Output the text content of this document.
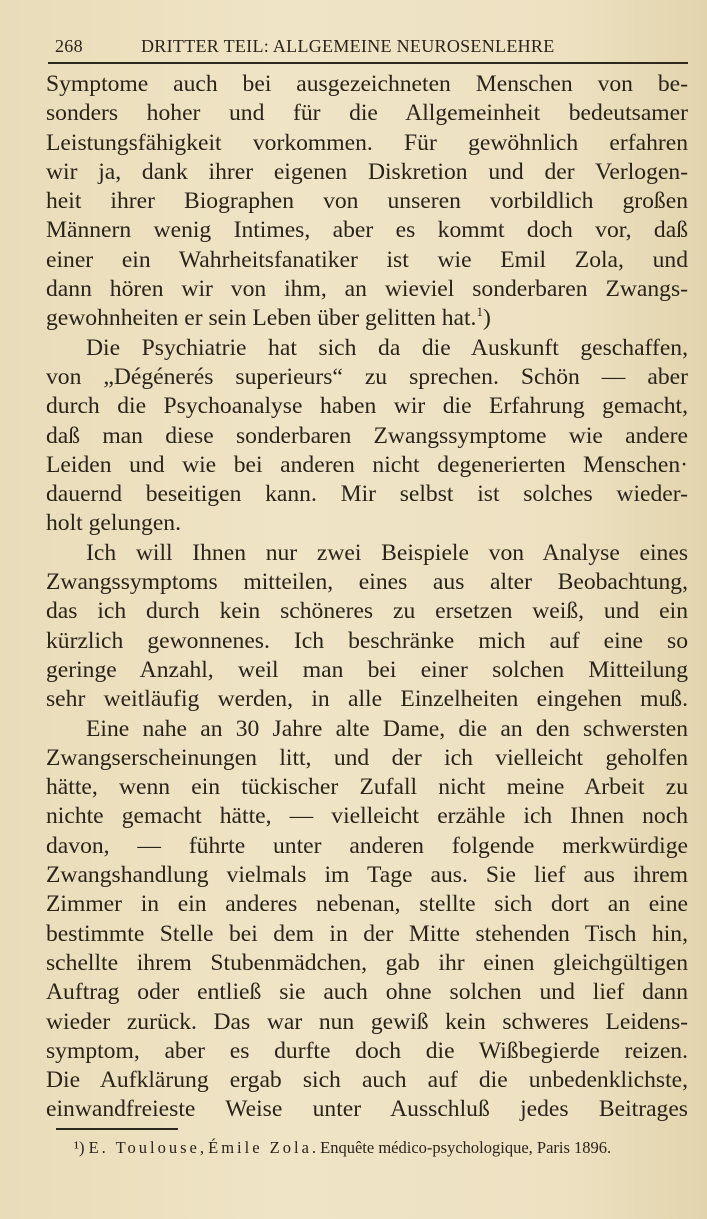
268	DRITTER TEIL: ALLGEMEINE NEUROSENLEHRE
Symptome auch bei ausgezeichneten Menschen von be-
sonders hoher und für die Allgemeinheit bedeutsamer
Leistungsfähigkeit vorkommen. Für gewöhnlich erfahren
wir ja, dank ihrer eigenen Diskretion und der Verlogen-
heit ihrer Biographen von unseren vorbildlich großen
Männern wenig Intimes, aber es kommt doch vor, daß
einer ein Wahrheitsfanatiker ist wie Emil Zola, und
dann hören wir von ihm, an wieviel sonderbaren Zwangs-
gewohnheiten er sein Leben über gelitten hat.$^1$)
Die Psychiatrie hat sich da die Auskunft geschaffen,
von „Dégénerés superieurs“ zu sprechen. Schön — aber
durch die Psychoanalyse haben wir die Erfahrung gemacht,
daß man diese sonderbaren Zwangssymptome wie andere
Leiden und wie bei anderen nicht degenerierten Menschen·
dauernd beseitigen kann. Mir selbst ist solches wieder-
holt gelungen.
Ich will Ihnen nur zwei Beispiele von Analyse eines
Zwangssymptoms mitteilen, eines aus alter Beobachtung,
das ich durch kein schöneres zu ersetzen weiß, und ein
kürzlich gewonnenes. Ich beschränke mich auf eine so
geringe Anzahl, weil man bei einer solchen Mitteilung
sehr weitläufig werden, in alle Einzelheiten eingehen muß.
Eine nahe an 30 Jahre alte Dame, die an den schwersten
Zwangserscheinungen litt, und der ich vielleicht geholfen
hätte, wenn ein tückischer Zufall nicht meine Arbeit zu
nichte gemacht hätte, — vielleicht erzähle ich Ihnen noch
davon, — führte unter anderen folgende merkwürdige
Zwangshandlung vielmals im Tage aus. Sie lief aus ihrem
Zimmer in ein anderes nebenan, stellte sich dort an eine
bestimmte Stelle bei dem in der Mitte stehenden Tisch hin,
schellte ihrem Stubenmädchen, gab ihr einen gleichgültigen
Auftrag oder entließ sie auch ohne solchen und lief dann
wieder zurück. Das war nun gewiß kein schweres Leidens-
symptom, aber es durfte doch die Wißbegierde reizen.
Die Aufklärung ergab sich auch auf die unbedenklichste,
einwandfreieste Weise unter Ausschluß jedes Beitrages
¹) E. Toulouse, Émile Zola. Enquête médico-psychologique, Paris 1896.
